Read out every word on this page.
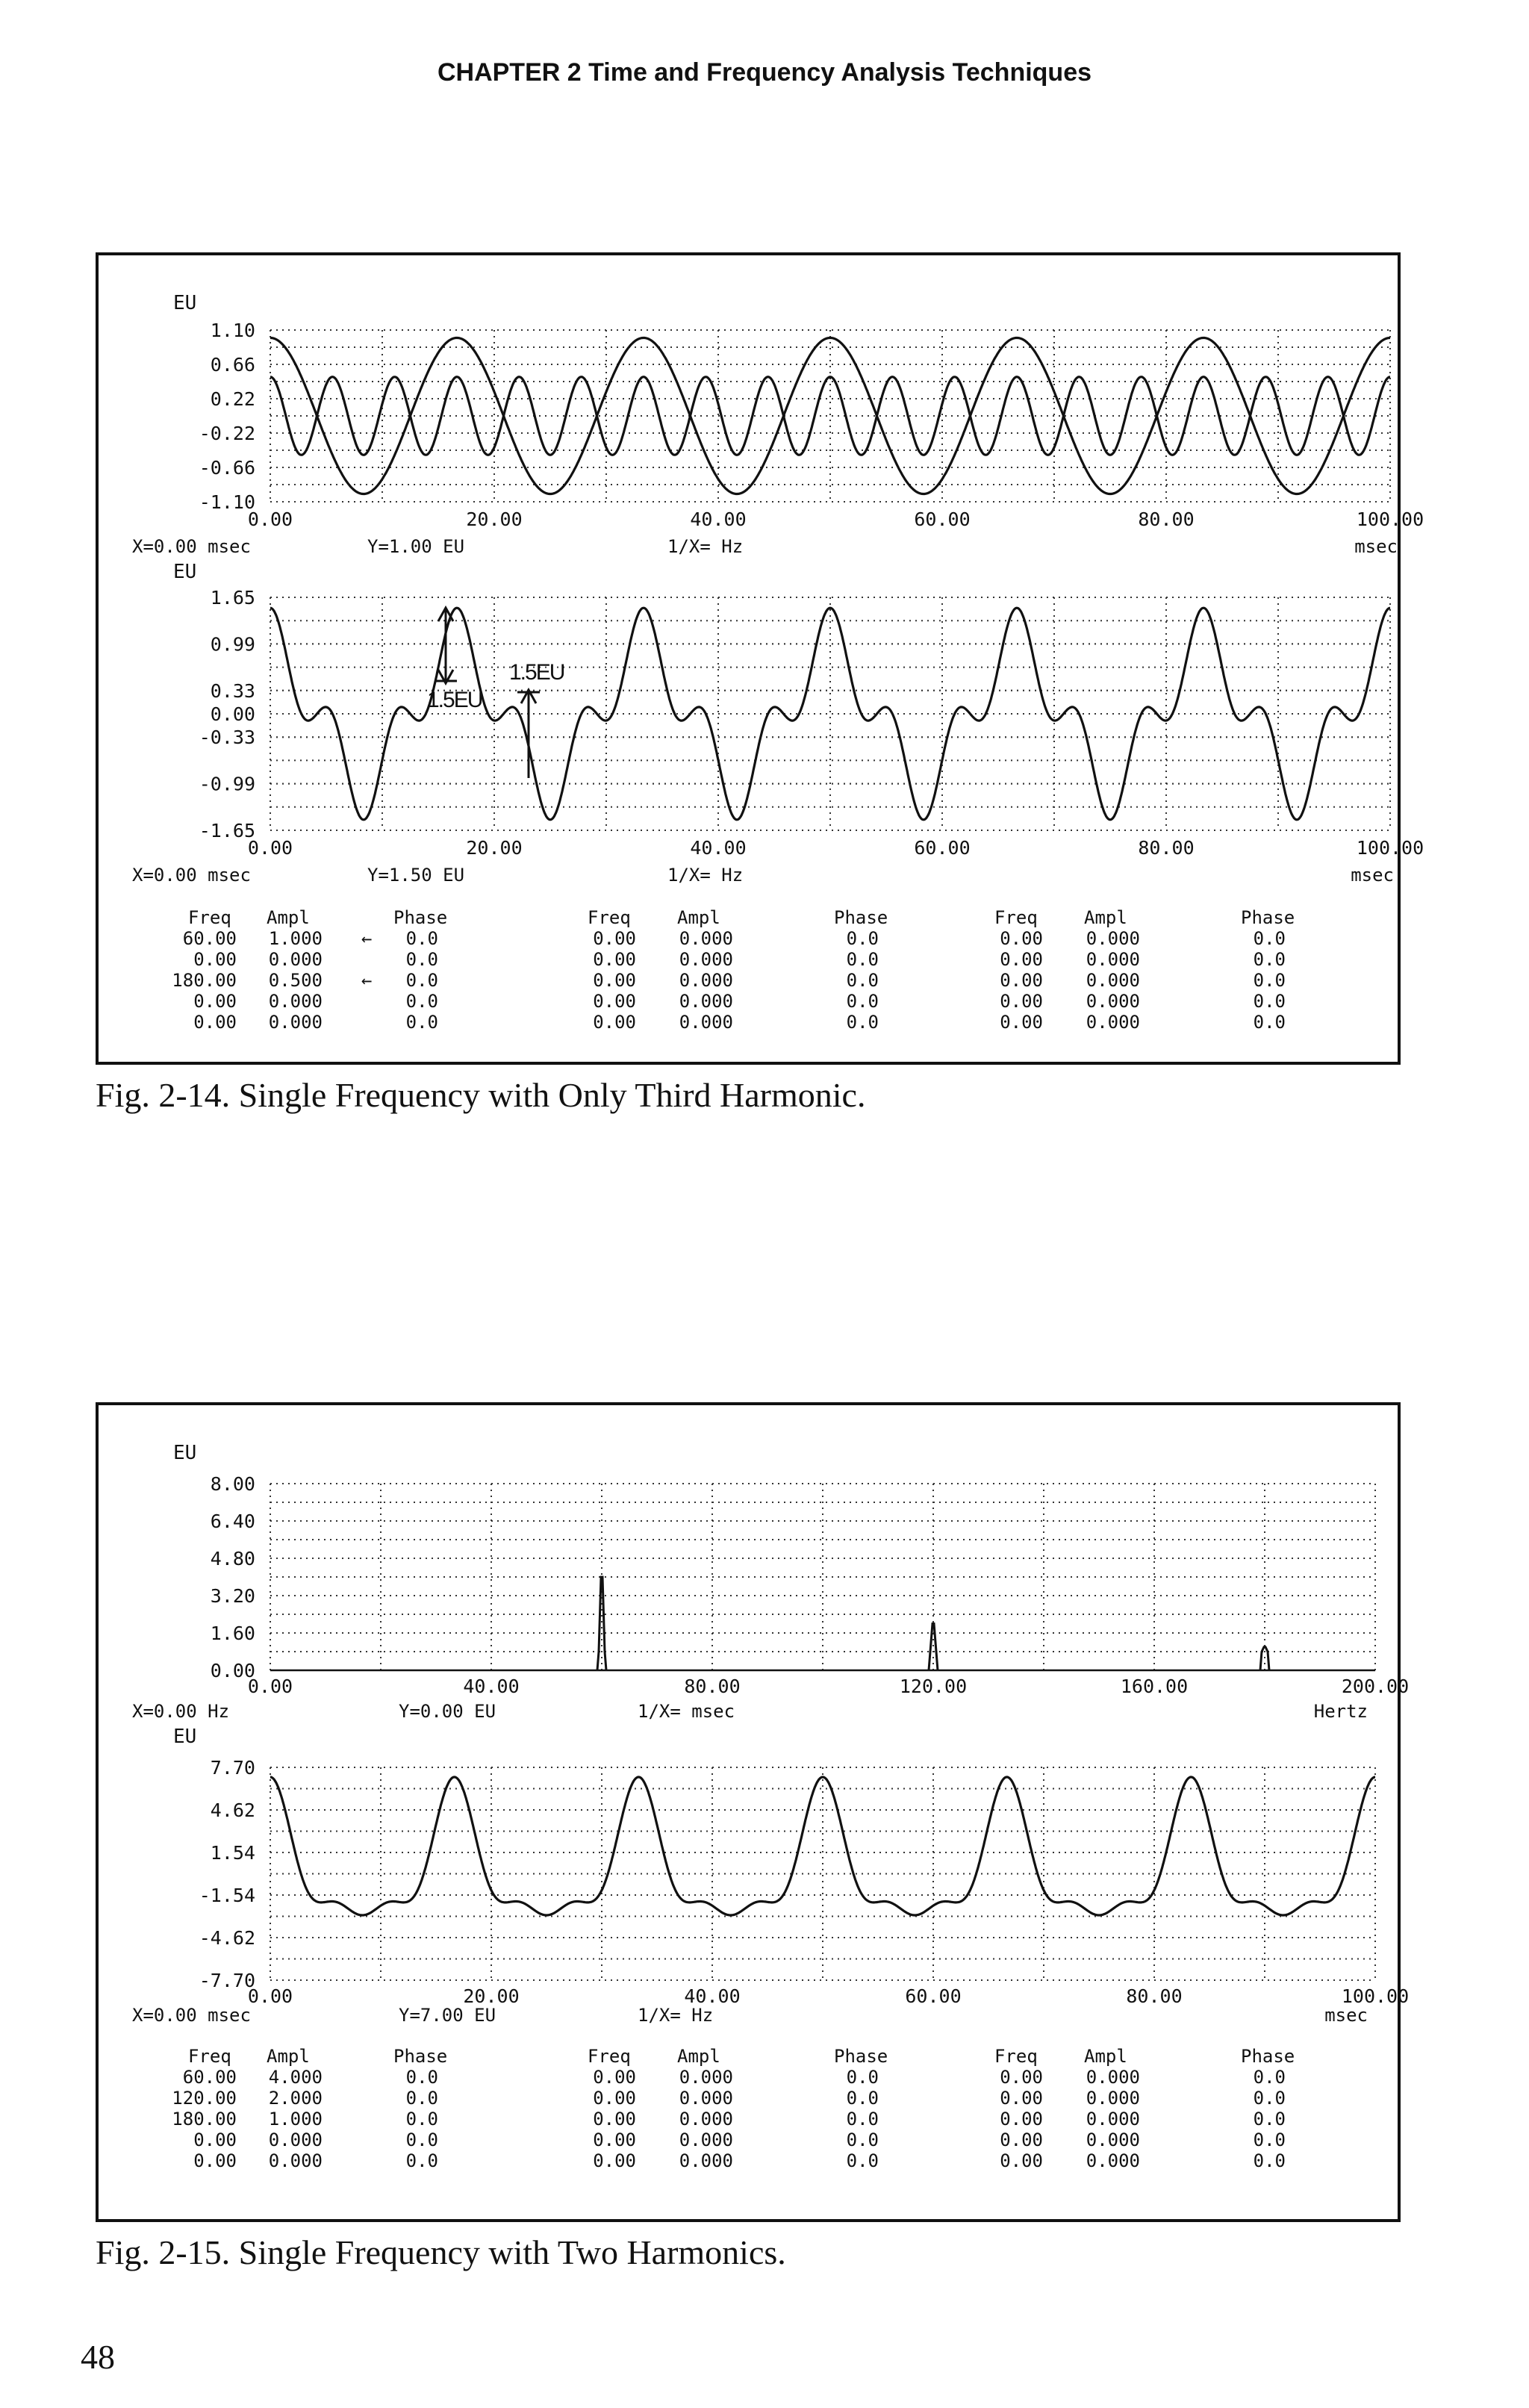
CHAPTER 2 Time and Frequency Analysis Techniques
EU
1.10
0.66
0.22
-0.22
-0.66
-1.10
0.00	20.00	40.00	60.00	80.00	100.00
X=0.00 msec	Y=1.00 EU	1/X= Hz	msec
EU
1.65
0.99
0.33
0.00
-0.33
-0.99
-1.65
0.00	20.00	40.00	60.00	80.00	100.00
1.5EU
1.5EU
X=0.00 msec	Y=1.50 EU	1/X= Hz	msec
Freq Ampl	Phase	Freq	Ampl	Phase	Freq	Ampl	Phase
60.00 1.000	0.0	0.00 0.000	0.0	0.00 0.000	0.0
←
0.00 0.000	0.0	0.00 0.000	0.0	0.00 0.000	0.0
180.00 0.500	0.0	0.00 0.000	0.0	0.00 0.000	0.0
←
0.00 0.000	0.0	0.00 0.000	0.0	0.00 0.000	0.0
0.00 0.000	0.0	0.00 0.000	0.0	0.00 0.000	0.0
Fig. 2-14. Single Frequency with Only Third Harmonic.
EU
8.00
6.40
4.80
3.20
1.60
0.00
0.00	40.00	80.00	120.00	160.00	200.00
X=0.00 Hz	Y=0.00 EU	1/X= msec	Hertz
EU
7.70
4.62
1.54
-1.54
-4.62
-7.70
0.00	20.00	40.00	60.00	80.00	100.00
X=0.00 msec	Y=7.00 EU	1/X= Hz	msec
Freq Ampl	Phase	Freq	Ampl	Phase	Freq	Ampl	Phase
60.00 4.000	0.0	0.00 0.000	0.0	0.00 0.000	0.0
120.00 2.000	0.0	0.00 0.000	0.0	0.00 0.000	0.0
180.00 1.000	0.0	0.00 0.000	0.0	0.00 0.000	0.0
0.00 0.000	0.0	0.00 0.000	0.0	0.00 0.000	0.0
0.00 0.000	0.0	0.00 0.000	0.0	0.00 0.000	0.0
Fig. 2-15. Single Frequency with Two Harmonics.
48
